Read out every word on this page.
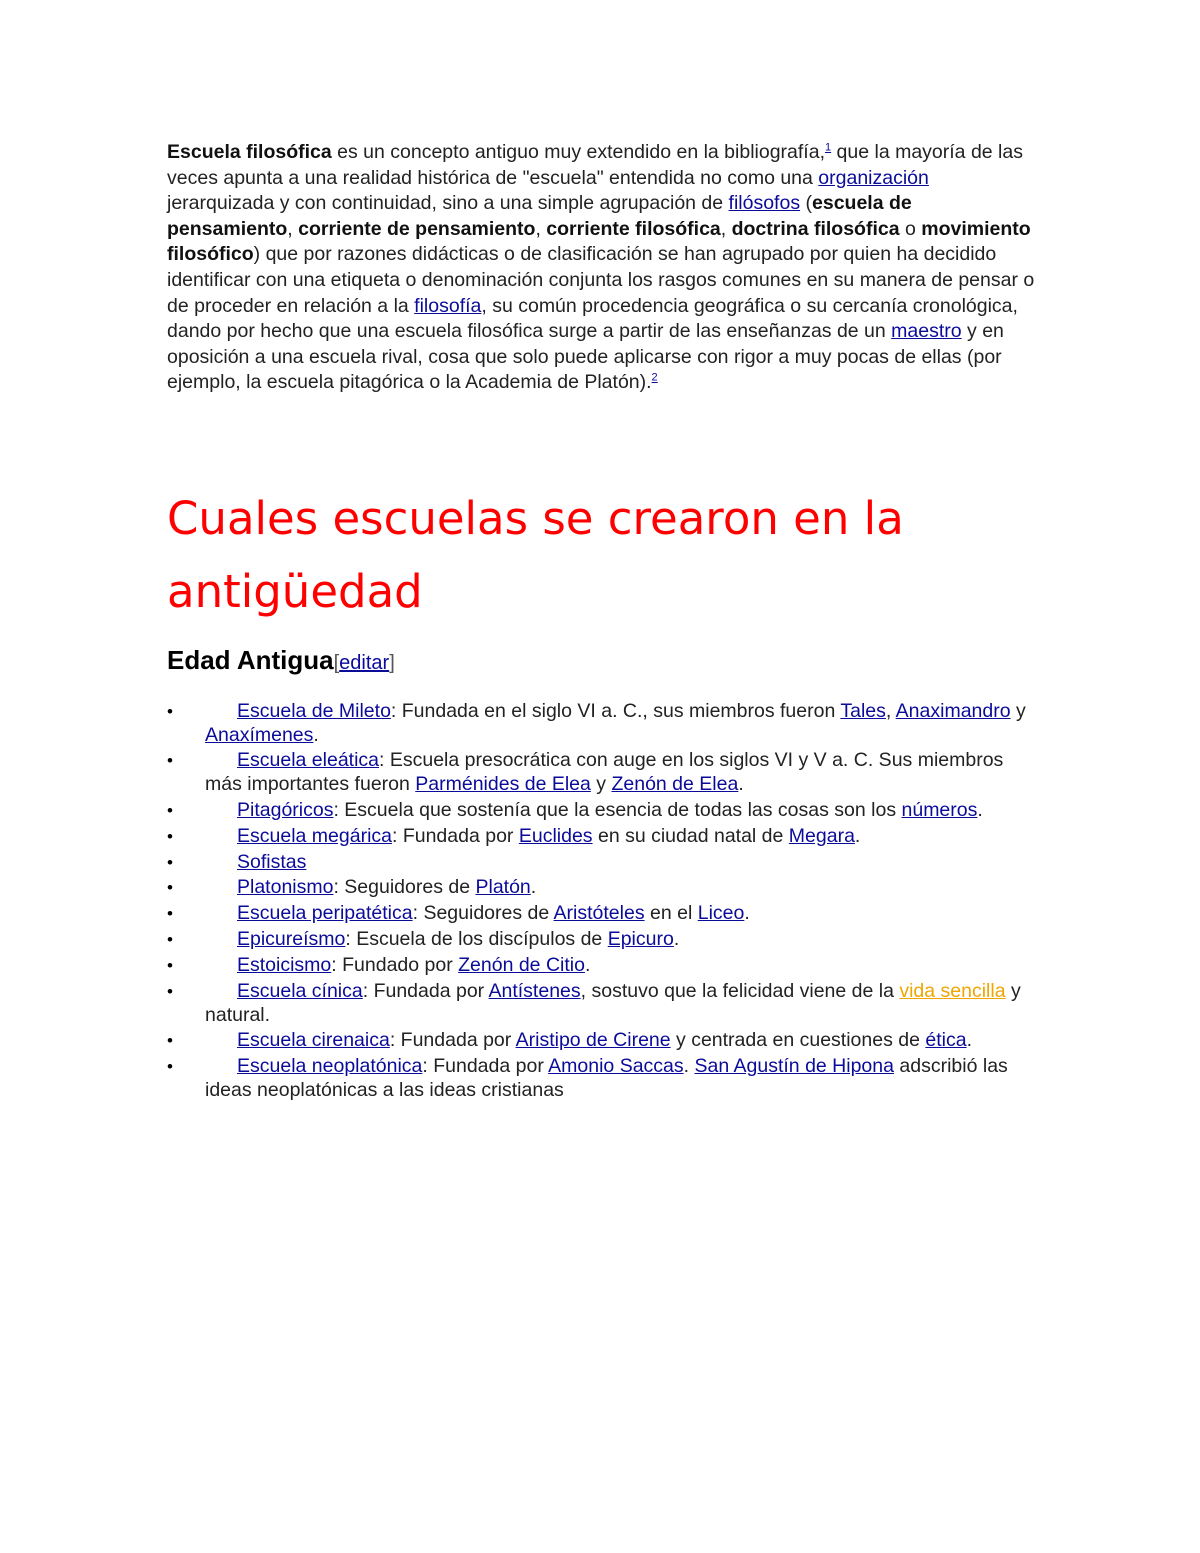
Escuela filosófica es un concepto antiguo muy extendido en la bibliografía,$^1$ que la mayoría de las veces apunta a una realidad histórica de "escuela" entendida no como una organización jerarquizada y con continuidad, sino a una simple agrupación de filósofos (escuela de pensamiento, corriente de pensamiento, corriente filosófica, doctrina filosófica o movimiento filosófico) que por razones didácticas o de clasificación se han agrupado por quien ha decidido identificar con una etiqueta o denominación conjunta los rasgos comunes en su manera de pensar o de proceder en relación a la filosofía, su común procedencia geográfica o su cercanía cronológica, dando por hecho que una escuela filosófica surge a partir de las enseñanzas de un maestro y en oposición a una escuela rival, cosa que solo puede aplicarse con rigor a muy pocas de ellas (por ejemplo, la escuela pitagórica o la Academia de Platón).$^2$

Cuales escuelas se crearon en la antigüedad
Edad Antigua[editar]
•	Escuela de Mileto: Fundada en el siglo VI a. C., sus miembros fueron Tales, Anaximandro y Anaxímenes.
•	Escuela eleática: Escuela presocrática con auge en los siglos VI y V a. C. Sus miembros más importantes fueron Parménides de Elea y Zenón de Elea.
•	Pitagóricos: Escuela que sostenía que la esencia de todas las cosas son los números.
•	Escuela megárica: Fundada por Euclides en su ciudad natal de Megara.
•	Sofistas
•	Platonismo: Seguidores de Platón.
•	Escuela peripatética: Seguidores de Aristóteles en el Liceo.
•	Epicureísmo: Escuela de los discípulos de Epicuro.
•	Estoicismo: Fundado por Zenón de Citio.
•	Escuela cínica: Fundada por Antístenes, sostuvo que la felicidad viene de la vida sencilla y natural.
•	Escuela cirenaica: Fundada por Aristipo de Cirene y centrada en cuestiones de ética.
•	Escuela neoplatónica: Fundada por Amonio Saccas. San Agustín de Hipona adscribió las ideas neoplatónicas a las ideas cristianas
